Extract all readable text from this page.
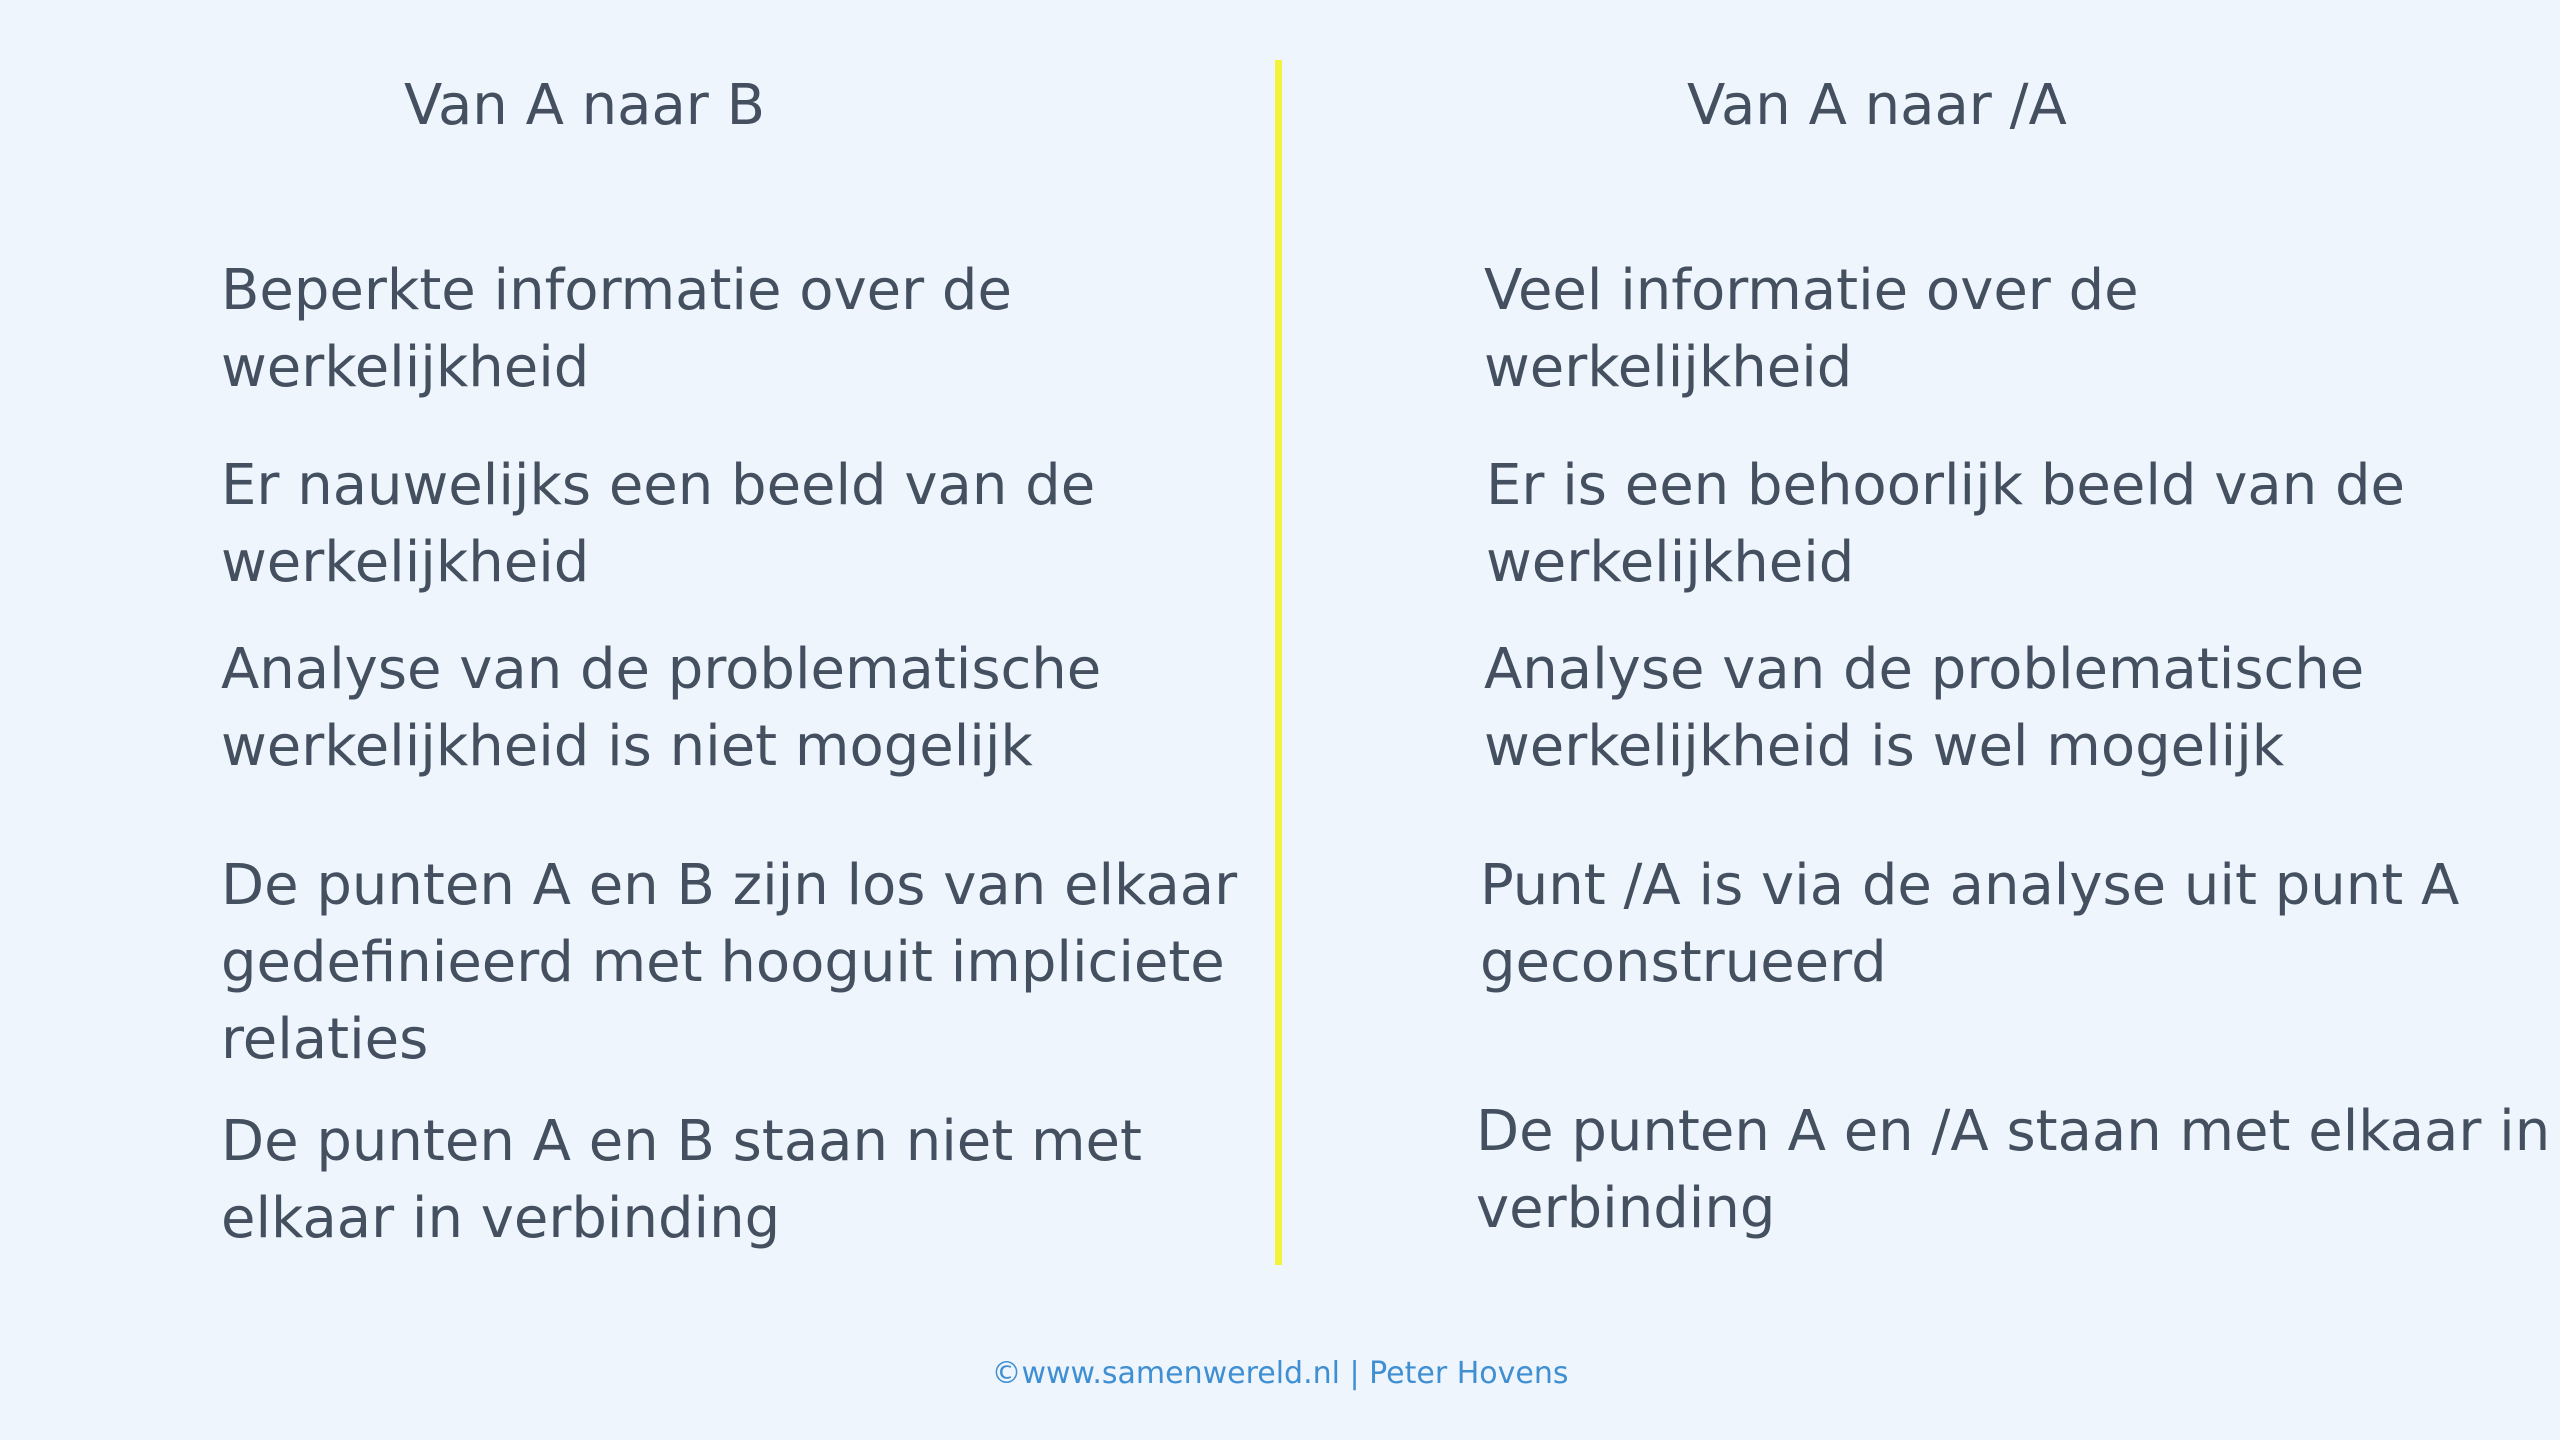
Van A naar B
Beperkte informatie over de
werkelijkheid
Er nauwelijks een beeld van de
werkelijkheid
Analyse van de problematische
werkelijkheid is niet mogelijk
De punten A en B zijn los van elkaar
gedefinieerd met hooguit impliciete
relaties
De punten A en B staan niet met
elkaar in verbinding
Van A naar /A
Veel informatie over de
werkelijkheid
Er is een behoorlijk beeld van de
werkelijkheid
Analyse van de problematische
werkelijkheid is wel mogelijk
Punt /A is via de analyse uit punt A
geconstrueerd
De punten A en /A staan met elkaar in
verbinding
©www.samenwereld.nl | Peter Hovens
